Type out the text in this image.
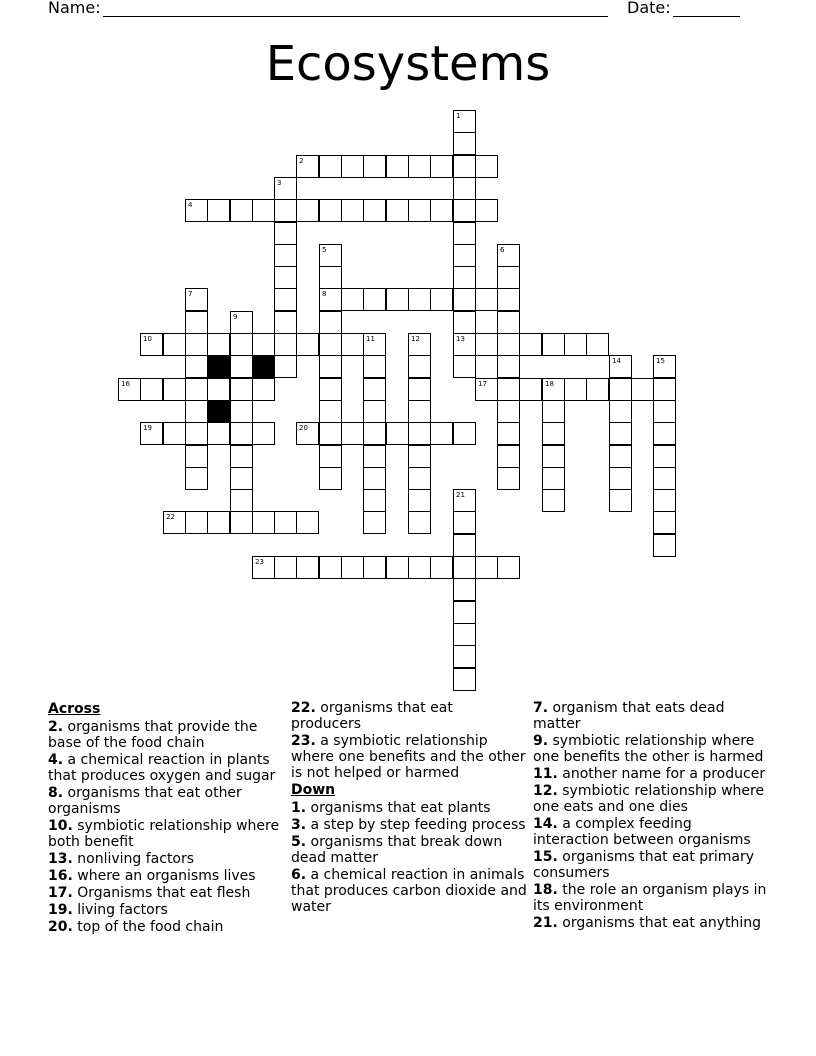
Name:	Date:
Ecosystems
1
13
2
3
4
5
8
6
7
9
10	11	12
14	15
16	17	18
19	20
21
22
23
Across
2. organisms that provide the base of the food chain
4. a chemical reaction in plants that produces oxygen and sugar
8. organisms that eat other organisms
10. symbiotic relationship where both benefit
13. nonliving factors
16. where an organisms lives
17. Organisms that eat flesh
19. living factors
20. top of the food chain
22. organisms that eat producers
23. a symbiotic relationship where one benefits and the other is not helped or harmed
Down
1. organisms that eat plants
3. a step by step feeding process
5. organisms that break down dead matter
6. a chemical reaction in animals that produces carbon dioxide and water
7. organism that eats dead matter
9. symbiotic relationship where one benefits the other is harmed
11. another name for a producer
12. symbiotic relationship where one eats and one dies
14. a complex feeding interaction between organisms
15. organisms that eat primary consumers
18. the role an organism plays in its environment
21. organisms that eat anything
